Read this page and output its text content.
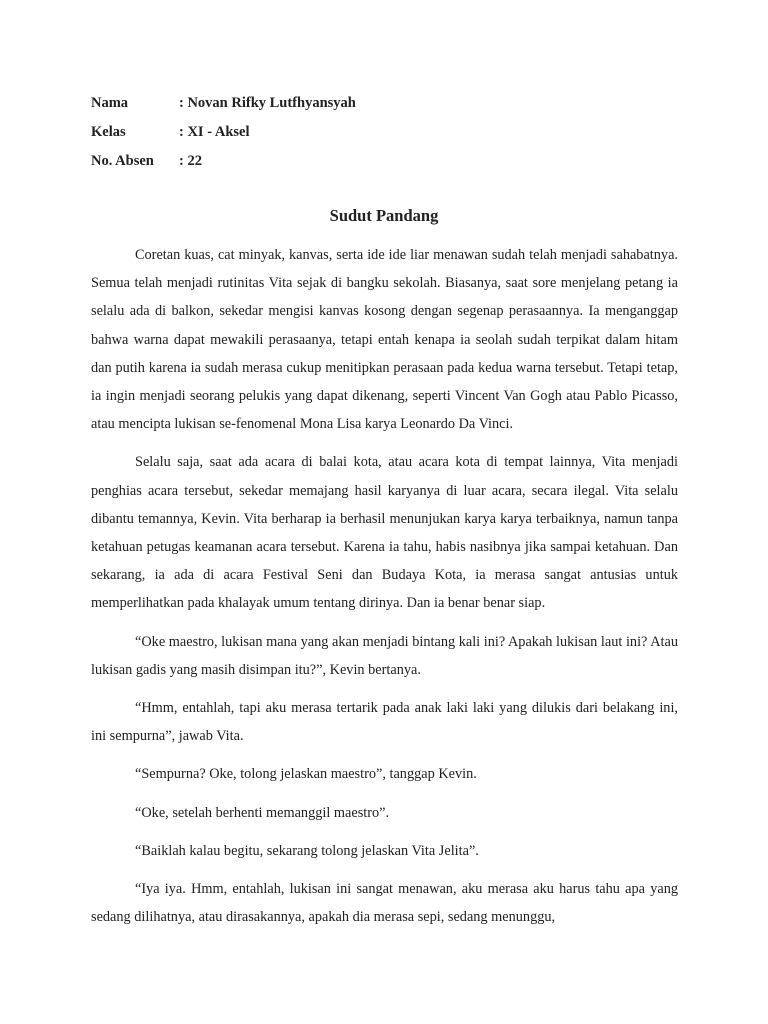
Nama	: Novan Rifky Lutfhyansyah
Kelas	: XI - Aksel
No. Absen	: 22
Sudut Pandang

Coretan kuas, cat minyak, kanvas, serta ide ide liar menawan sudah telah menjadi sahabatnya. Semua telah menjadi rutinitas Vita sejak di bangku sekolah. Biasanya, saat sore menjelang petang ia selalu ada di balkon, sekedar mengisi kanvas kosong dengan segenap perasaannya. Ia menganggap bahwa warna dapat mewakili perasaanya, tetapi entah kenapa ia seolah sudah terpikat dalam hitam dan putih karena ia sudah merasa cukup menitipkan perasaan pada kedua warna tersebut. Tetapi tetap, ia ingin menjadi seorang pelukis yang dapat dikenang, seperti Vincent Van Gogh atau Pablo Picasso, atau mencipta lukisan se-fenomenal Mona Lisa karya Leonardo Da Vinci.

Selalu saja, saat ada acara di balai kota, atau acara kota di tempat lainnya, Vita menjadi penghias acara tersebut, sekedar memajang hasil karyanya di luar acara, secara ilegal. Vita selalu dibantu temannya, Kevin. Vita berharap ia berhasil menunjukan karya karya terbaiknya, namun tanpa ketahuan petugas keamanan acara tersebut. Karena ia tahu, habis nasibnya jika sampai ketahuan. Dan sekarang, ia ada di acara Festival Seni dan Budaya Kota, ia merasa sangat antusias untuk memperlihatkan pada khalayak umum tentang dirinya. Dan ia benar benar siap.

“Oke maestro, lukisan mana yang akan menjadi bintang kali ini? Apakah lukisan laut ini? Atau lukisan gadis yang masih disimpan itu?”, Kevin bertanya.

“Hmm, entahlah, tapi aku merasa tertarik pada anak laki laki yang dilukis dari belakang ini, ini sempurna”, jawab Vita.

“Sempurna? Oke, tolong jelaskan maestro”, tanggap Kevin.

“Oke, setelah berhenti memanggil maestro”.

“Baiklah kalau begitu, sekarang tolong jelaskan Vita Jelita”.

“Iya iya. Hmm, entahlah, lukisan ini sangat menawan, aku merasa aku harus tahu apa yang sedang dilihatnya, atau dirasakannya, apakah dia merasa sepi, sedang menunggu,
